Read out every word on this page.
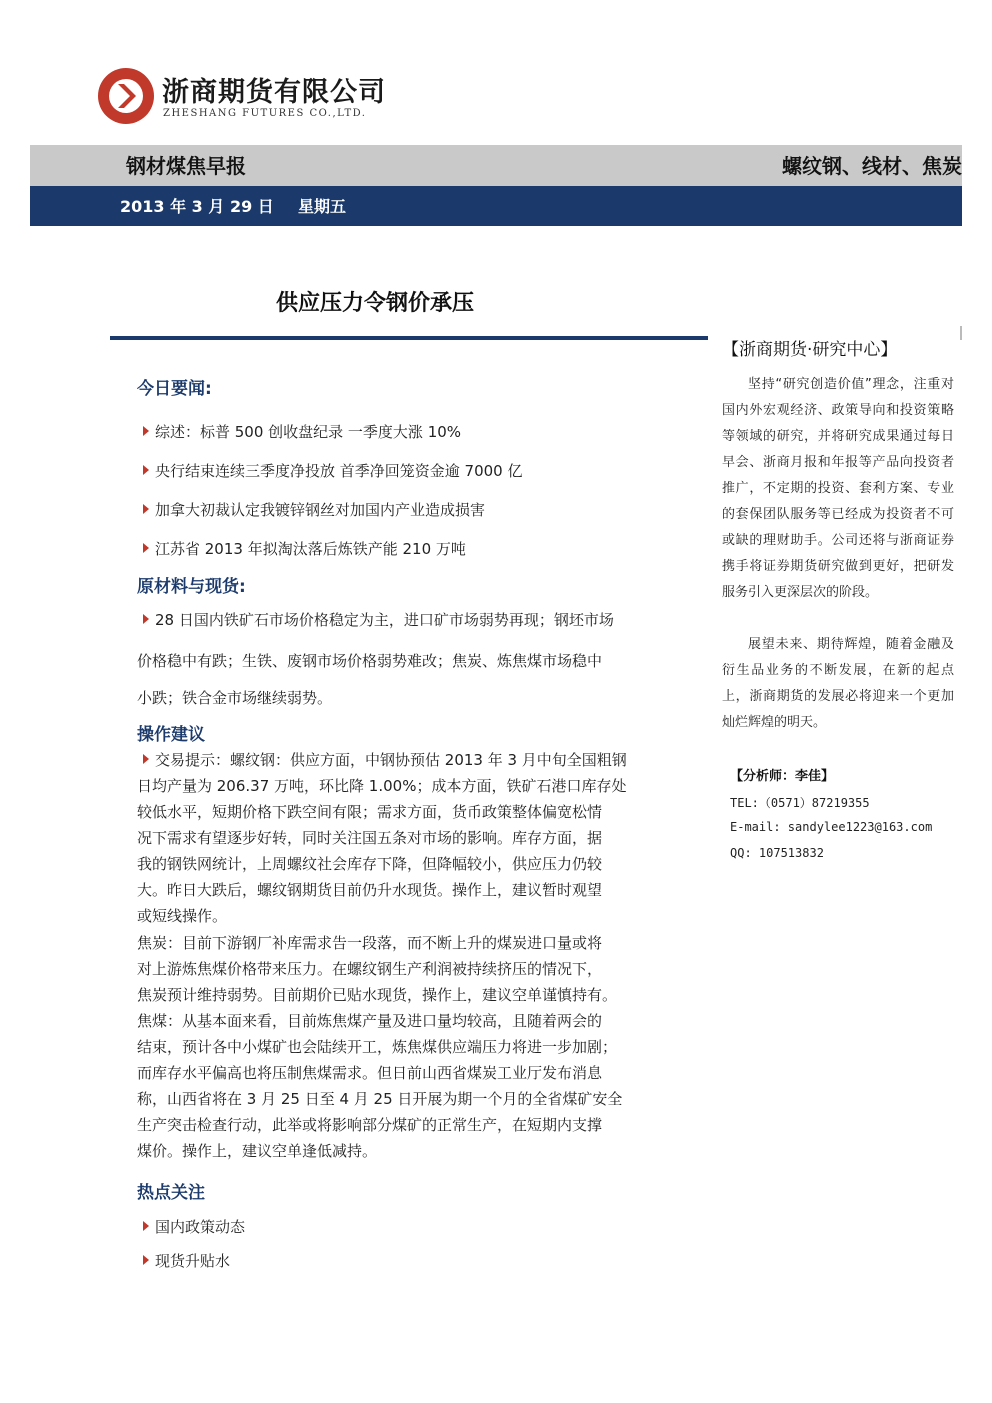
浙商期货有限公司
ZHESHANG FUTURES CO.,LTD.
钢材煤焦早报	螺纹钢、线材、焦炭
2013 年 3 月 29 日 星期五
供应压力令钢价承压
今日要闻:
综述：标普 500 创收盘纪录 一季度大涨 10%
央行结束连续三季度净投放 首季净回笼资金逾 7000 亿
加拿大初裁认定我镀锌钢丝对加国内产业造成损害
江苏省 2013 年拟淘汰落后炼铁产能 210 万吨
原材料与现货:
28 日国内铁矿石市场价格稳定为主，进口矿市场弱势再现；钢坯市场
价格稳中有跌；生铁、废钢市场价格弱势难改；焦炭、炼焦煤市场稳中
小跌；铁合金市场继续弱势。
操作建议
交易提示：螺纹钢：供应方面，中钢协预估 2013 年 3 月中旬全国粗钢
日均产量为 206.37 万吨，环比降 1.00%；成本方面，铁矿石港口库存处
较低水平，短期价格下跌空间有限；需求方面，货币政策整体偏宽松情
况下需求有望逐步好转，同时关注国五条对市场的影响。库存方面，据
我的钢铁网统计，上周螺纹社会库存下降，但降幅较小，供应压力仍较
大。昨日大跌后，螺纹钢期货目前仍升水现货。操作上，建议暂时观望
或短线操作。
焦炭：目前下游钢厂补库需求告一段落，而不断上升的煤炭进口量或将
对上游炼焦煤价格带来压力。在螺纹钢生产利润被持续挤压的情况下，
焦炭预计维持弱势。目前期价已贴水现货，操作上，建议空单谨慎持有。
焦煤：从基本面来看，目前炼焦煤产量及进口量均较高，且随着两会的
结束，预计各中小煤矿也会陆续开工，炼焦煤供应端压力将进一步加剧；
而库存水平偏高也将压制焦煤需求。但日前山西省煤炭工业厅发布消息
称，山西省将在 3 月 25 日至 4 月 25 日开展为期一个月的全省煤矿安全
生产突击检查行动，此举或将影响部分煤矿的正常生产，在短期内支撑
煤价。操作上，建议空单逢低减持。
热点关注
国内政策动态
现货升贴水
【浙商期货·研究中心】
坚持“研究创造价值”理念，注重对国内外宏观经济、政策导向和投资策略等领域的研究，并将研究成果通过每日早会、浙商月报和年报等产品向投资者推广，不定期的投资、套利方案、专业的套保团队服务等已经成为投资者不可或缺的理财助手。公司还将与浙商证券携手将证券期货研究做到更好，把研发服务引入更深层次的阶段。
展望未来、期待辉煌，随着金融及衍生品业务的不断发展，在新的起点上，浙商期货的发展必将迎来一个更加灿烂辉煌的明天。
【分析师：李佳】
TEL:（0571）87219355
E-mail: sandylee1223@163.com
QQ: 107513832
